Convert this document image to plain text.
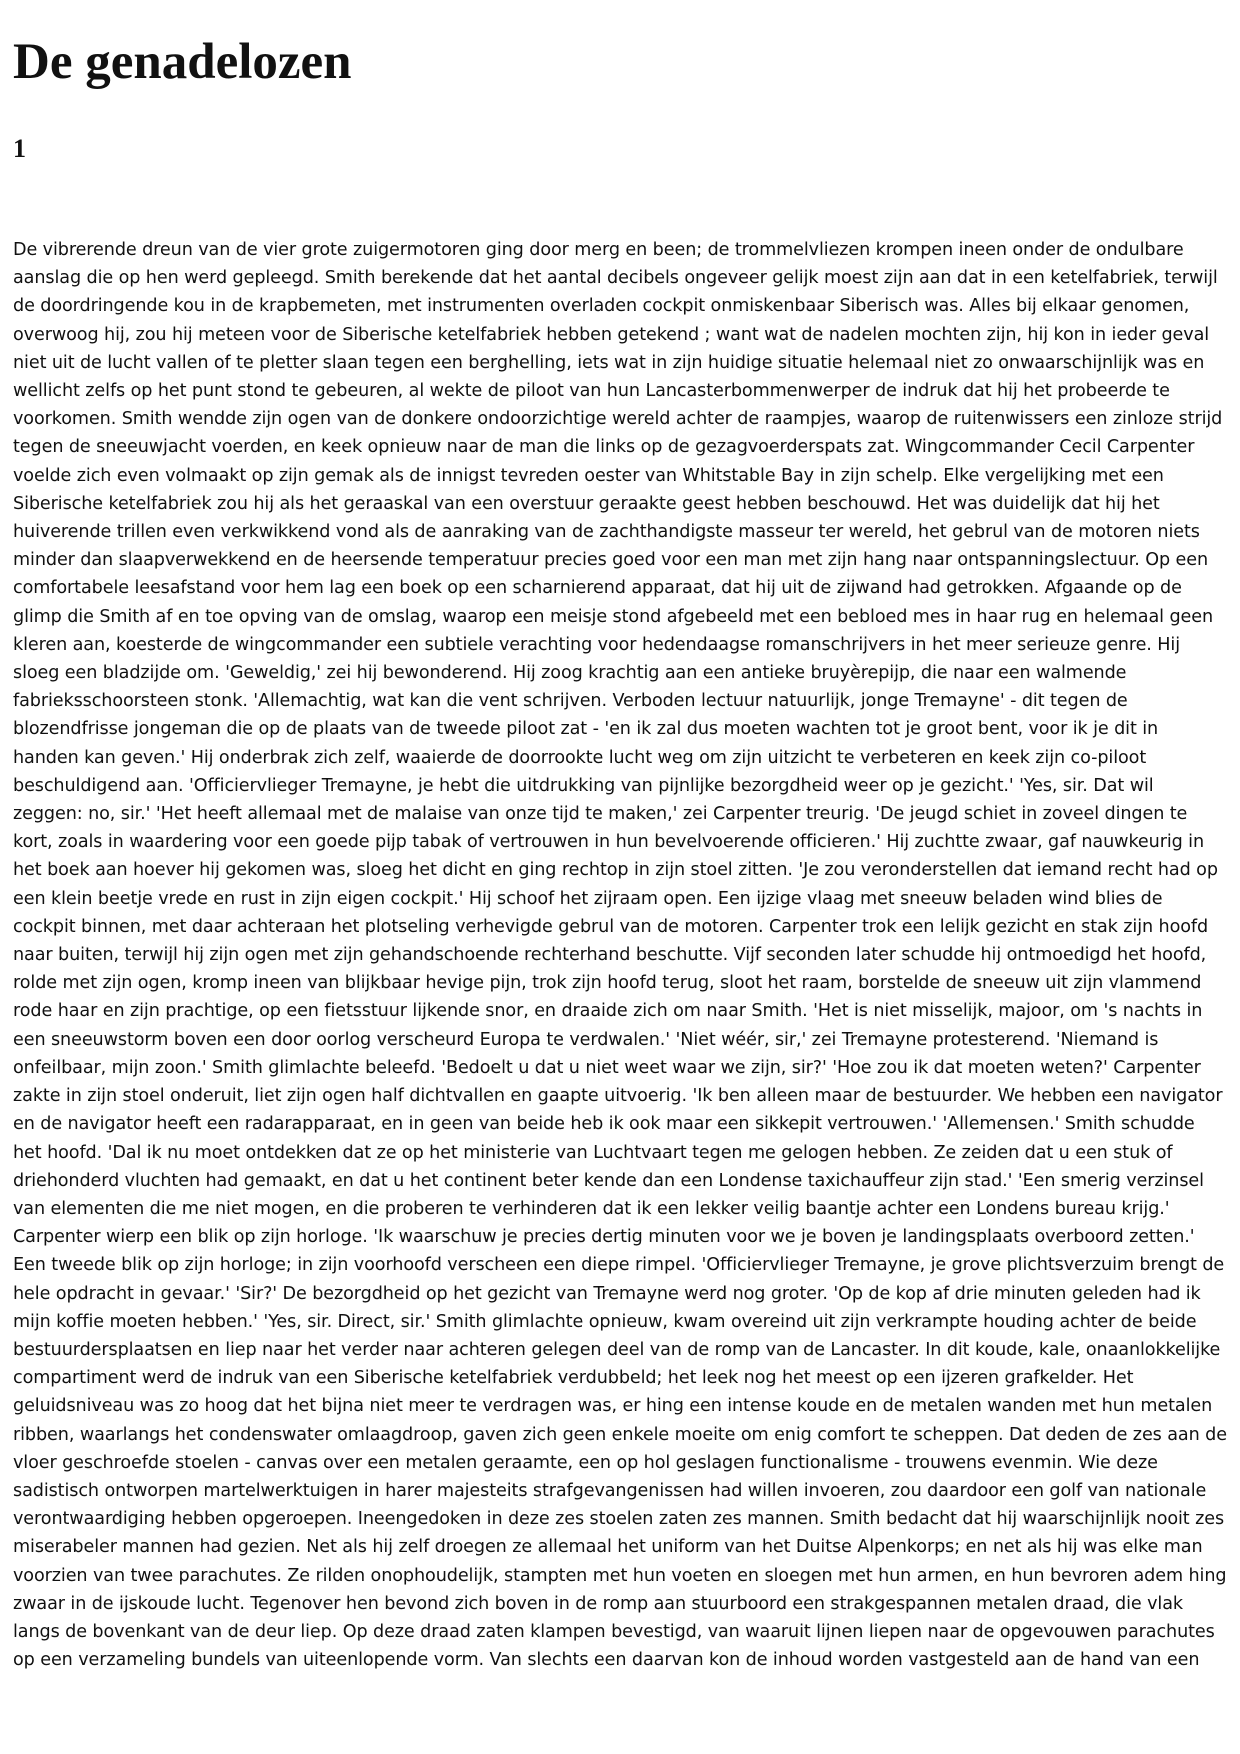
De genadelozen
1

De vibrerende dreun van de vier grote zuigermotoren ging door merg en been; de trommelvliezen krompen ineen onder de ondulbare aanslag die op hen werd gepleegd. Smith berekende dat het aantal decibels ongeveer gelijk moest zijn aan dat in een ketelfabriek, terwijl de doordringende kou in de krapbemeten, met instrumenten overladen cockpit onmiskenbaar Siberisch was. Alles bij elkaar genomen, overwoog hij, zou hij meteen voor de Siberische ketelfabriek hebben getekend ; want wat de nadelen mochten zijn, hij kon in ieder geval niet uit de lucht vallen of te pletter slaan tegen een berghelling, iets wat in zijn huidige situatie helemaal niet zo onwaarschijnlijk was en wellicht zelfs op het punt stond te gebeuren, al wekte de piloot van hun Lancasterbommenwerper de indruk dat hij het probeerde te voorkomen. Smith wendde zijn ogen van de donkere ondoorzichtige wereld achter de raampjes, waarop de ruitenwissers een zinloze strijd tegen de sneeuwjacht voerden, en keek opnieuw naar de man die links op de gezagvoerderspats zat. Wingcommander Cecil Carpenter voelde zich even volmaakt op zijn gemak als de innigst tevreden oester van Whitstable Bay in zijn schelp. Elke vergelijking met een Siberische ketelfabriek zou hij als het geraaskal van een overstuur geraakte geest hebben beschouwd. Het was duidelijk dat hij het huiverende trillen even verkwikkend vond als de aanraking van de zachthandigste masseur ter wereld, het gebrul van de motoren niets minder dan slaapverwekkend en de heersende temperatuur precies goed voor een man met zijn hang naar ontspanningslectuur. Op een comfortabele leesafstand voor hem lag een boek op een scharnierend apparaat, dat hij uit de zijwand had getrokken. Afgaande op de glimp die Smith af en toe opving van de omslag, waarop een meisje stond afgebeeld met een bebloed mes in haar rug en helemaal geen kleren aan, koesterde de wingcommander een subtiele verachting voor hedendaagse romanschrijvers in het meer serieuze genre. Hij sloeg een bladzijde om. 'Geweldig,' zei hij bewonderend. Hij zoog krachtig aan een antieke bruyèrepijp, die naar een walmende fabrieksschoorsteen stonk. 'Allemachtig, wat kan die vent schrijven. Verboden lectuur natuurlijk, jonge Tremayne' - dit tegen de blozendfrisse jongeman die op de plaats van de tweede piloot zat - 'en ik zal dus moeten wachten tot je groot bent, voor ik je dit in handen kan geven.' Hij onderbrak zich zelf, waaierde de doorrookte lucht weg om zijn uitzicht te verbeteren en keek zijn co-piloot beschuldigend aan. 'Officiervlieger Tremayne, je hebt die uitdrukking van pijnlijke bezorgdheid weer op je gezicht.' 'Yes, sir. Dat wil zeggen: no, sir.' 'Het heeft allemaal met de malaise van onze tijd te maken,' zei Carpenter treurig. 'De jeugd schiet in zoveel dingen te kort, zoals in waardering voor een goede pijp tabak of vertrouwen in hun bevelvoerende officieren.' Hij zuchtte zwaar, gaf nauwkeurig in het boek aan hoever hij gekomen was, sloeg het dicht en ging rechtop in zijn stoel zitten. 'Je zou veronderstellen dat iemand recht had op een klein beetje vrede en rust in zijn eigen cockpit.' Hij schoof het zijraam open. Een ijzige vlaag met sneeuw beladen wind blies de cockpit binnen, met daar achteraan het plotseling verhevigde gebrul van de motoren. Carpenter trok een lelijk gezicht en stak zijn hoofd naar buiten, terwijl hij zijn ogen met zijn gehandschoende rechterhand beschutte. Vijf seconden later schudde hij ontmoedigd het hoofd, rolde met zijn ogen, kromp ineen van blijkbaar hevige pijn, trok zijn hoofd terug, sloot het raam, borstelde de sneeuw uit zijn vlammend rode haar en zijn prachtige, op een fietsstuur lijkende snor, en draaide zich om naar Smith. 'Het is niet misselijk, majoor, om 's nachts in een sneeuwstorm boven een door oorlog verscheurd Europa te verdwalen.' 'Niet wéér, sir,' zei Tremayne protesterend. 'Niemand is onfeilbaar, mijn zoon.' Smith glimlachte beleefd. 'Bedoelt u dat u niet weet waar we zijn, sir?' 'Hoe zou ik dat moeten weten?' Carpenter zakte in zijn stoel onderuit, liet zijn ogen half dichtvallen en gaapte uitvoerig. 'Ik ben alleen maar de bestuurder. We hebben een navigator en de navigator heeft een radarapparaat, en in geen van beide heb ik ook maar een sikkepit vertrouwen.' 'Allemensen.' Smith schudde het hoofd. 'Dal ik nu moet ontdekken dat ze op het ministerie van Luchtvaart tegen me gelogen hebben. Ze zeiden dat u een stuk of driehonderd vluchten had gemaakt, en dat u het continent beter kende dan een Londense taxichauffeur zijn stad.' 'Een smerig verzinsel van elementen die me niet mogen, en die proberen te verhinderen dat ik een lekker veilig baantje achter een Londens bureau krijg.' Carpenter wierp een blik op zijn horloge. 'Ik waarschuw je precies dertig minuten voor we je boven je landingsplaats overboord zetten.' Een tweede blik op zijn horloge; in zijn voorhoofd verscheen een diepe rimpel. 'Officiervlieger Tremayne, je grove plichtsverzuim brengt de hele opdracht in gevaar.' 'Sir?' De bezorgdheid op het gezicht van Tremayne werd nog groter. 'Op de kop af drie minuten geleden had ik mijn koffie moeten hebben.' 'Yes, sir. Direct, sir.' Smith glimlachte opnieuw, kwam overeind uit zijn verkrampte houding achter de beide bestuurdersplaatsen en liep naar het verder naar achteren gelegen deel van de romp van de Lancaster. In dit koude, kale, onaanlokkelijke compartiment werd de indruk van een Siberische ketelfabriek verdubbeld; het leek nog het meest op een ijzeren grafkelder. Het geluidsniveau was zo hoog dat het bijna niet meer te verdragen was, er hing een intense koude en de metalen wanden met hun metalen ribben, waarlangs het condenswater omlaagdroop, gaven zich geen enkele moeite om enig comfort te scheppen. Dat deden de zes aan de vloer geschroefde stoelen - canvas over een metalen geraamte, een op hol geslagen functionalisme - trouwens evenmin. Wie deze sadistisch ontworpen martelwerktuigen in harer majesteits strafgevangenissen had willen invoeren, zou daardoor een golf van nationale verontwaardiging hebben opgeroepen. Ineengedoken in deze zes stoelen zaten zes mannen. Smith bedacht dat hij waarschijnlijk nooit zes miserabeler mannen had gezien. Net als hij zelf droegen ze allemaal het uniform van het Duitse Alpenkorps; en net als hij was elke man voorzien van twee parachutes. Ze rilden onophoudelijk, stampten met hun voeten en sloegen met hun armen, en hun bevroren adem hing zwaar in de ijskoude lucht. Tegenover hen bevond zich boven in de romp aan stuurboord een strakgespannen metalen draad, die vlak langs de bovenkant van de deur liep. Op deze draad zaten klampen bevestigd, van waaruit lijnen liepen naar de opgevouwen parachutes op een verzameling bundels van uiteenlopende vorm. Van slechts een daarvan kon de inhoud worden vastgesteld aan de hand van een
